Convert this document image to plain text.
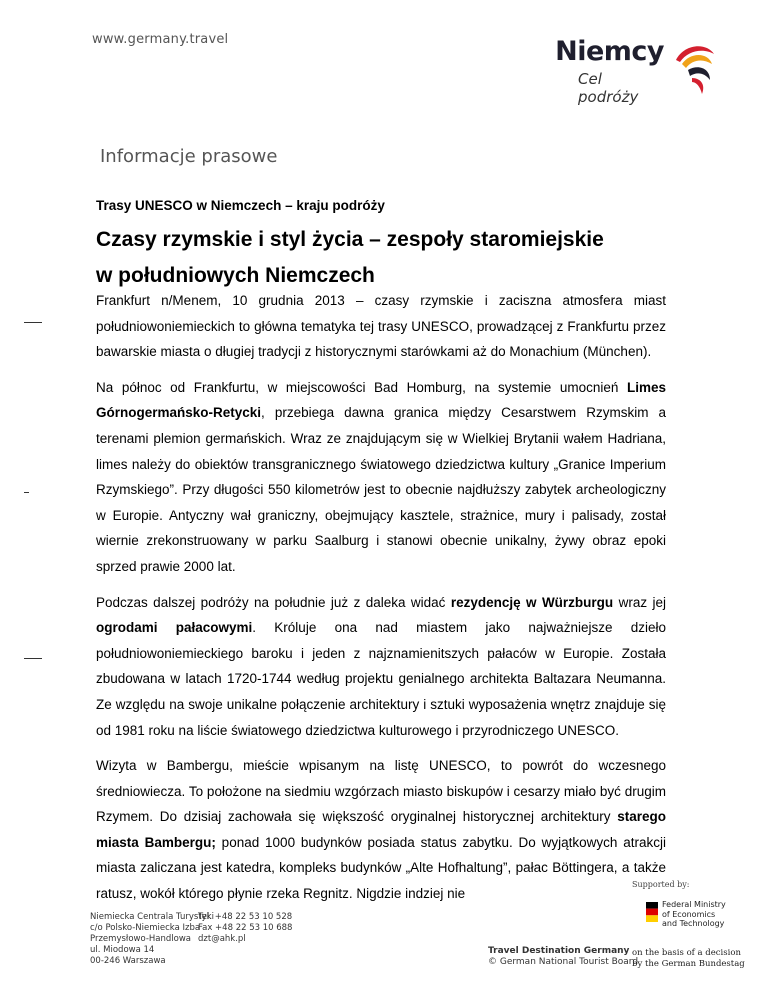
www.germany.travel	Niemcy
Cel podróży
Informacje prasowe
Trasy UNESCO w Niemczech – kraju podróży
Czasy rzymskie i styl życia – zespoły staromiejskie
w południowych Niemczech

Frankfurt n/Menem, 10 grudnia 2013 – czasy rzymskie i zaciszna atmosfera miast południowoniemieckich to główna tematyka tej trasy UNESCO, prowadzącej z Frankfurtu przez bawarskie miasta o długiej tradycji z historycznymi starówkami aż do Monachium (München).

Na północ od Frankfurtu, w miejscowości Bad Homburg, na systemie umocnień Limes Górnogermańsko-Retycki, przebiega dawna granica między Cesarstwem Rzymskim a terenami plemion germańskich. Wraz ze znajdującym się w Wielkiej Brytanii wałem Hadriana, limes należy do obiektów transgranicznego światowego dziedzictwa kultury „Granice Imperium Rzymskiego”. Przy długości 550 kilometrów jest to obecnie najdłuższy zabytek archeologiczny w Europie. Antyczny wał graniczny, obejmujący kasztele, strażnice, mury i palisady, został wiernie zrekonstruowany w parku Saalburg i stanowi obecnie unikalny, żywy obraz epoki sprzed prawie 2000 lat.

Podczas dalszej podróży na południe już z daleka widać rezydencję w Würzburgu wraz jej ogrodami pałacowymi. Króluje ona nad miastem jako najważniejsze dzieło południowoniemieckiego baroku i jeden z najznamienitszych pałaców w Europie. Została zbudowana w latach 1720-1744 według projektu genialnego architekta Baltazara Neumanna. Ze względu na swoje unikalne połączenie architektury i sztuki wyposażenia wnętrz znajduje się od 1981 roku na liście światowego dziedzictwa kulturowego i przyrodniczego UNESCO.

Wizyta w Bambergu, mieście wpisanym na listę UNESCO, to powrót do wczesnego średniowiecza. To położone na siedmiu wzgórzach miasto biskupów i cesarzy miało być drugim Rzymem. Do dzisiaj zachowała się większość oryginalnej historycznej architektury starego miasta Bambergu; ponad 1000 budynków posiada status zabytku. Do wyjątkowych atrakcji miasta zaliczana jest katedra, kompleks budynków „Alte Hofhaltung”, pałac Böttingera, a także ratusz, wokół którego płynie rzeka Regnitz. Nigdzie indziej nie

Supported by:
Federal Ministry
of Economics
and Technology
Niemiecka Centrala Turystyki
c/o Polsko-Niemiecka Izba
Przemysłowo-Handlowa
ul. Miodowa 14
00-246 Warszawa
Tel. +48 22 53 10 528
Fax +48 22 53 10 688
dzt@ahk.pl
Travel Destination Germany
© German National Tourist Board
on the basis of a decision
by the German Bundestag
